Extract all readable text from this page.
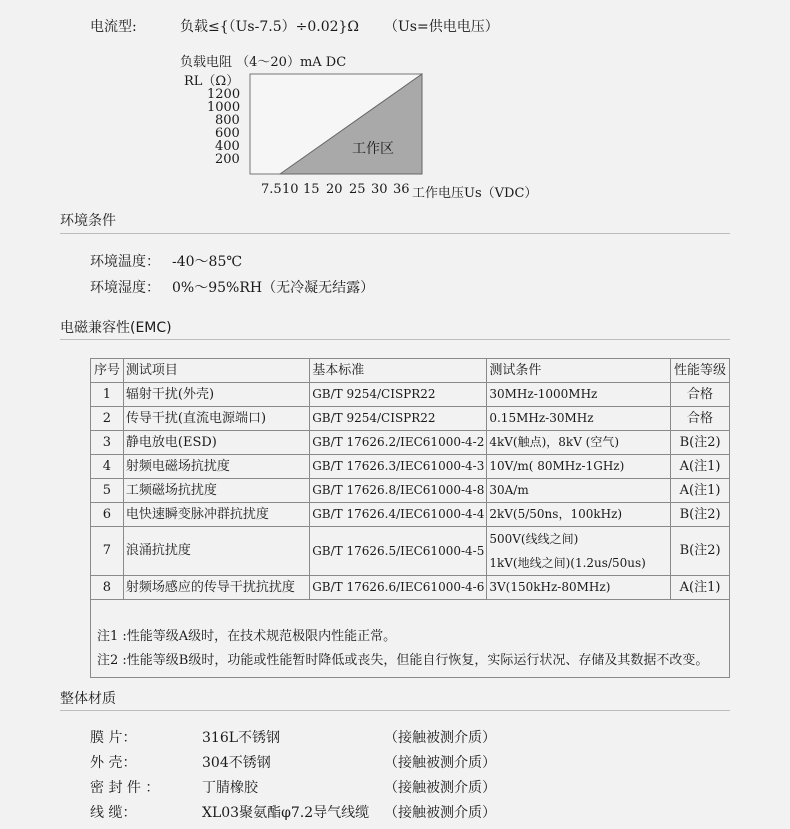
电流型:	负载≤{（Us-7.5）÷0.02}Ω （Us=供电电压）
负载电阻 （4～20）mA DC
RL（Ω）
1200
1000
800
600
400
200
工作区
7.5 10 15 20 25 30 36 工作电压Us（VDC）
环境条件
环境温度： -40～85℃
环境湿度： 0%～95%RH（无冷凝无结露）
电磁兼容性(EMC)
序号	测试项目	基本标准	测试条件	性能等级
1	辐射干扰(外壳)	GB/T 9254/CISPR22	30MHz-1000MHz	合格
2	传导干扰(直流电源端口)	GB/T 9254/CISPR22	0.15MHz-30MHz	合格
3	静电放电(ESD)	GB/T 17626.2/IEC61000-4-2	4kV(触点)，8kV (空气)	B(注2)
4	射频电磁场抗扰度	GB/T 17626.3/IEC61000-4-3	10V/m( 80MHz-1GHz)	A(注1)
5	工频磁场抗扰度	GB/T 17626.8/IEC61000-4-8	30A/m	A(注1)
6	电快速瞬变脉冲群抗扰度	GB/T 17626.4/IEC61000-4-4	2kV(5/50ns，100kHz)	B(注2)
7	浪涌抗扰度	GB/T 17626.5/IEC61000-4-5	500V(线线之间)
1kV(地线之间)(1.2us/50us)	B(注2)
8	射频场感应的传导干扰抗扰度	GB/T 17626.6/IEC61000-4-6	3V(150kHz-80MHz)	A(注1)
注1 :性能等级A级时，在技术规范极限内性能正常。
注2 :性能等级B级时，功能或性能暂时降低或丧失，但能自行恢复，实际运行状况、存储及其数据不改变。
整体材质
膜 片：	316L不锈钢	（接触被测介质）
外 壳：	304不锈钢	（接触被测介质）
密 封 件 ：	丁腈橡胶	（接触被测介质）
线 缆：	XL03聚氨酯φ7.2导气线缆 （接触被测介质）
